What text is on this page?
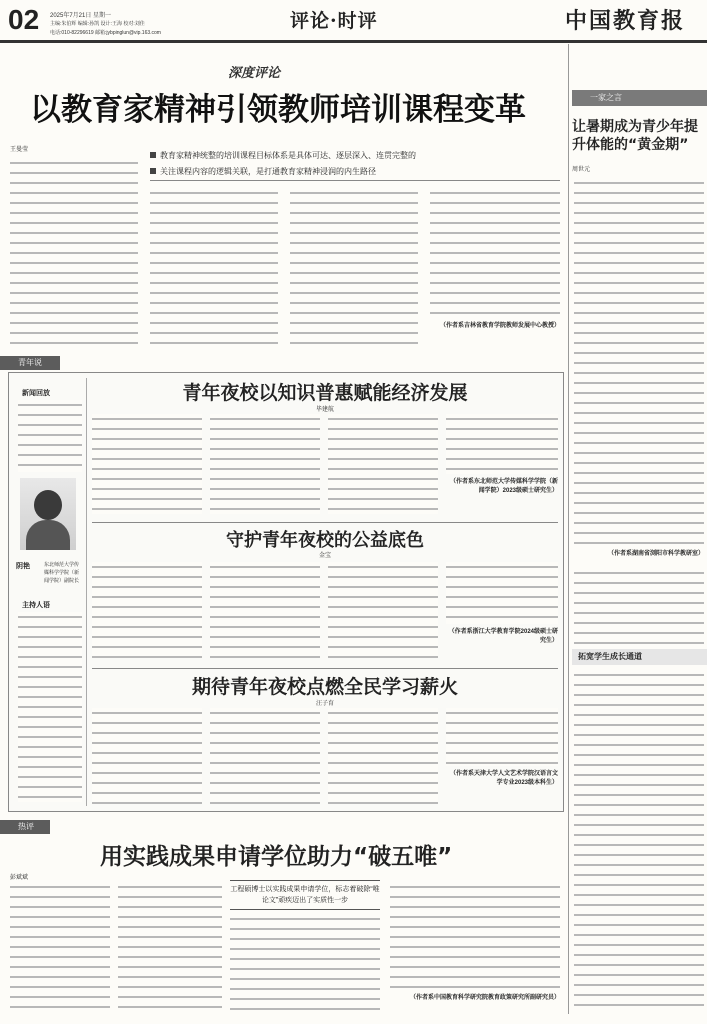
02 2025年7月21日 星期一
主编:朱伯辉 编辑:孙凯 设计:王海 校对:刘佳
电话:010-82296619 邮箱:jybpinglun@vip.163.com
评论·时评	中国教育报
深度评论
以教育家精神引领教师培训课程变革
王曼莹
教育家精神统整的培训课程目标体系是具体可达、逐层深入、连贯完整的
关注课程内容的逻辑关联，是打通教育家精神浸润的内生路径
（作者系吉林省教育学院教师发展中心教授）
一家之言
让暑期成为青少年提升体能的“黄金期”
周世元
（作者系湖南省浏阳市科学教研室）
拓宽学生成长通道
青年说
新闻回放
阴艳	东北师范大学传媒科学学院（新闻学院）副院长
主持人语
青年夜校以知识普惠赋能经济发展
毕建航
（作者系东北师范大学传媒科学学院（新闻学院）2023级硕士研究生）
守护青年夜校的公益底色
金宝
（作者系浙江大学教育学院2024级硕士研究生）
期待青年夜校点燃全民学习薪火
汪子育
（作者系天津大学人文艺术学院汉语言文学专业2023级本科生）
热评
用实践成果申请学位助力“破五唯”
彭斌斌
工程硕博士以实践成果申请学位，标志着破除“唯论文”顽疾迈出了实质性一步
（作者系中国教育科学研究院教育政策研究所副研究员）
